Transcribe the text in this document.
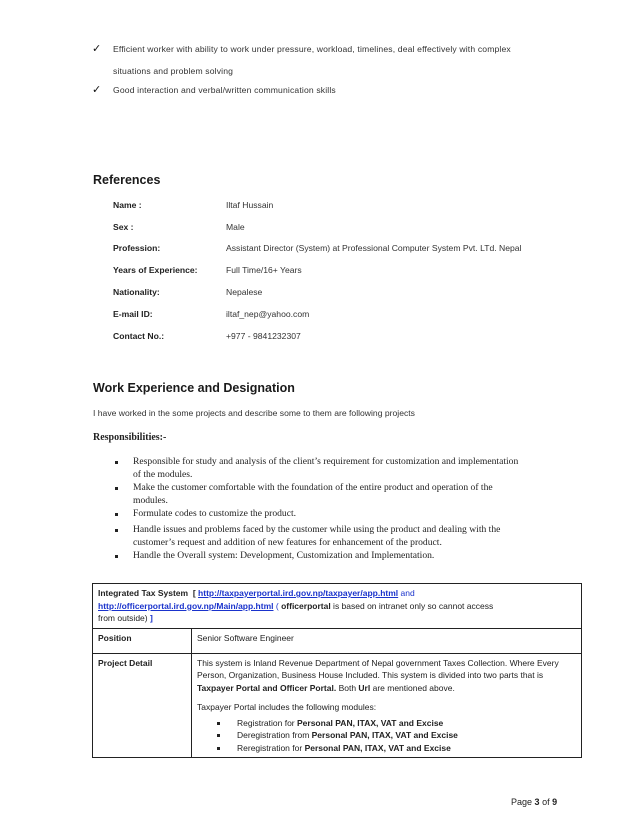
✓ Efficient worker with ability to work under pressure, workload, timelines, deal effectively with complex
situations and problem solving
✓ Good interaction and verbal/written communication skills
References
Name :	Iltaf Hussain
Sex :	Male
Profession:	Assistant Director (System) at Professional Computer System Pvt. LTd. Nepal
Years of Experience:	Full Time/16+ Years
Nationality:	Nepalese
E-mail ID:	iltaf_nep@yahoo.com
Contact No.:	+977 - 9841232307
Work Experience and Designation
I have worked in the some projects and describe some to them are following projects
Responsibilities:-
Responsible for study and analysis of the client’s requirement for customization and implementation
of the modules.
Make the customer comfortable with the foundation of the entire product and operation of the
modules.
Formulate codes to customize the product.
Handle issues and problems faced by the customer while using the product and dealing with the
customer’s request and addition of new features for enhancement of the product.
Handle the Overall system: Development, Customization and Implementation.
Integrated Tax System [ http://taxpayerportal.ird.gov.np/taxpayer/app.html and
http://officerportal.ird.gov.np/Main/app.html ( officerportal is based on intranet only so cannot access
from outside) ]	
Position	Senior Software Engineer
Project Detail	This system is Inland Revenue Department of Nepal government Taxes Collection. Where Every Person, Organization, Business House Included. This system is divided into two parts that is Taxpayer Portal and Officer Portal. Both Url are mentioned above.
Taxpayer Portal includes the following modules:
Registration for Personal PAN, ITAX, VAT and Excise
Deregistration from Personal PAN, ITAX, VAT and Excise
Reregistration for Personal PAN, ITAX, VAT and Excise
Page 3 of 9
